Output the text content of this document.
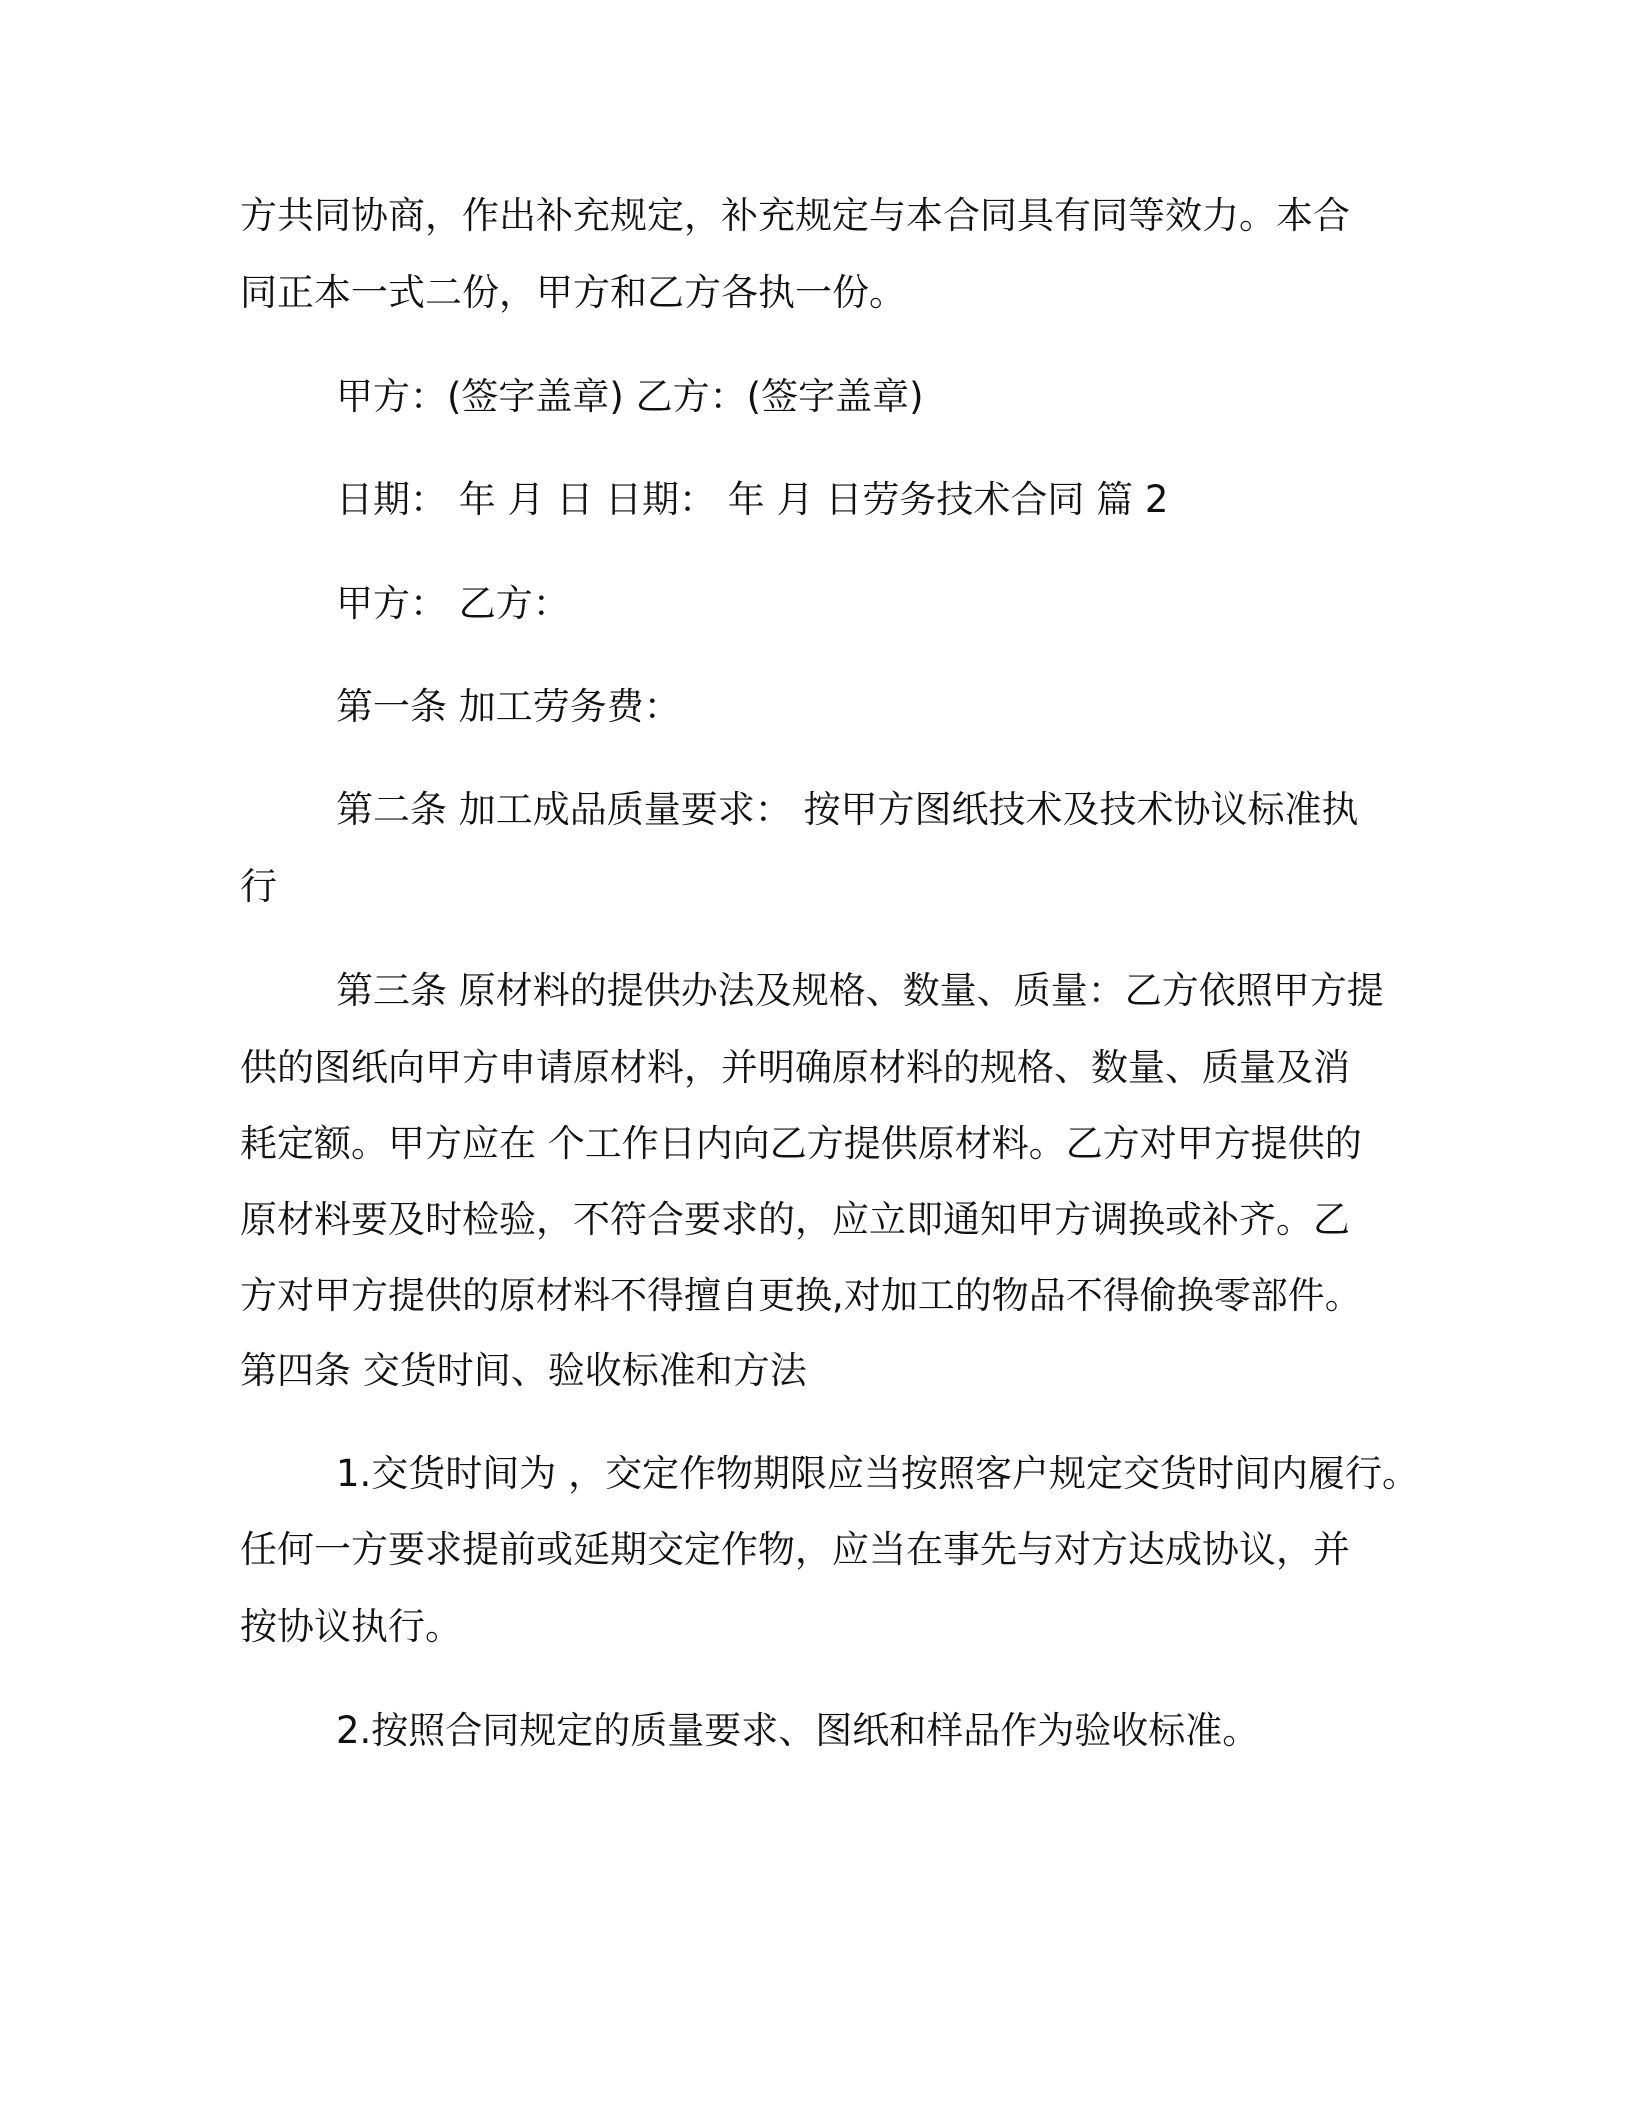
方共同协商，作出补充规定，补充规定与本合同具有同等效力。本合
同正本一式二份，甲方和乙方各执一份。
甲方：(签字盖章) 乙方：(签字盖章)
日期： 年 月 日 日期： 年 月 日劳务技术合同 篇 2
甲方： 乙方：
第一条 加工劳务费：
第二条 加工成品质量要求： 按甲方图纸技术及技术协议标准执
行
第三条 原材料的提供办法及规格、数量、质量：乙方依照甲方提
供的图纸向甲方申请原材料，并明确原材料的规格、数量、质量及消
耗定额。甲方应在 个工作日内向乙方提供原材料。乙方对甲方提供的
原材料要及时检验，不符合要求的，应立即通知甲方调换或补齐。乙
方对甲方提供的原材料不得擅自更换,对加工的物品不得偷换零部件。
第四条 交货时间、验收标准和方法
1.交货时间为 ，交定作物期限应当按照客户规定交货时间内履行。
任何一方要求提前或延期交定作物，应当在事先与对方达成协议，并
按协议执行。
2.按照合同规定的质量要求、图纸和样品作为验收标准。
